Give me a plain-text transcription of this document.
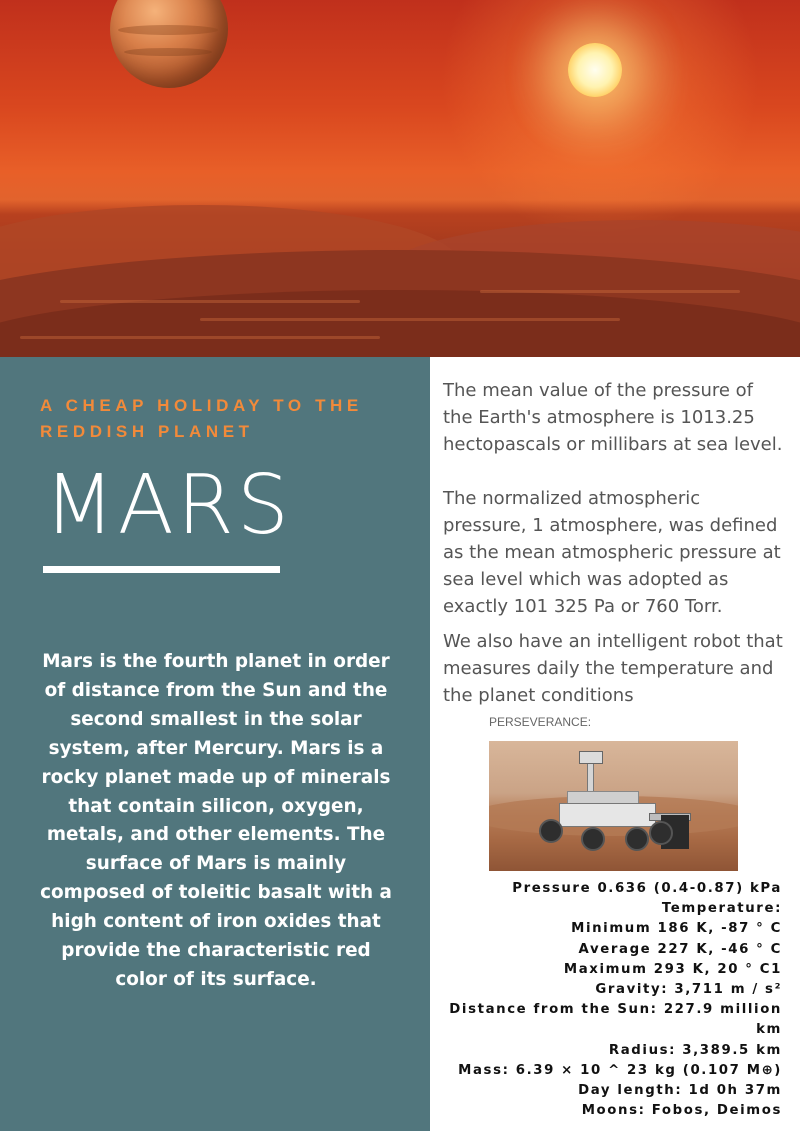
A CHEAP HOLIDAY TO THE
REDDISH PLANET
MARS
Mars is the fourth planet in order of distance from the Sun and the second smallest in the solar system, after Mercury. Mars is a rocky planet made up of minerals that contain silicon, oxygen, metals, and other elements. The surface of Mars is mainly composed of toleitic basalt with a high content of iron oxides that provide the characteristic red color of its surface.
The mean value of the pressure of the Earth's atmosphere is 1013.25 hectopascals or millibars at sea level.
The normalized atmospheric pressure, 1 atmosphere, was defined as the mean atmospheric pressure at sea level which was adopted as exactly 101 325 Pa or 760 Torr.
We also have an intelligent robot that measures daily the temperature and the planet conditions
PERSEVERANCE:
Pressure 0.636 (0.4-0.87) kPa
Temperature:
Minimum 186 K, -87 ° C
Average 227 K, -46 ° C
Maximum 293 K, 20 ° C1
Gravity: 3,711 m / s²
Distance from the Sun: 227.9 million km
Radius: 3,389.5 km
Mass: 6.39 × 10 ^ 23 kg (0.107 M⊕)
Day length: 1d 0h 37m
Moons: Fobos, Deimos
